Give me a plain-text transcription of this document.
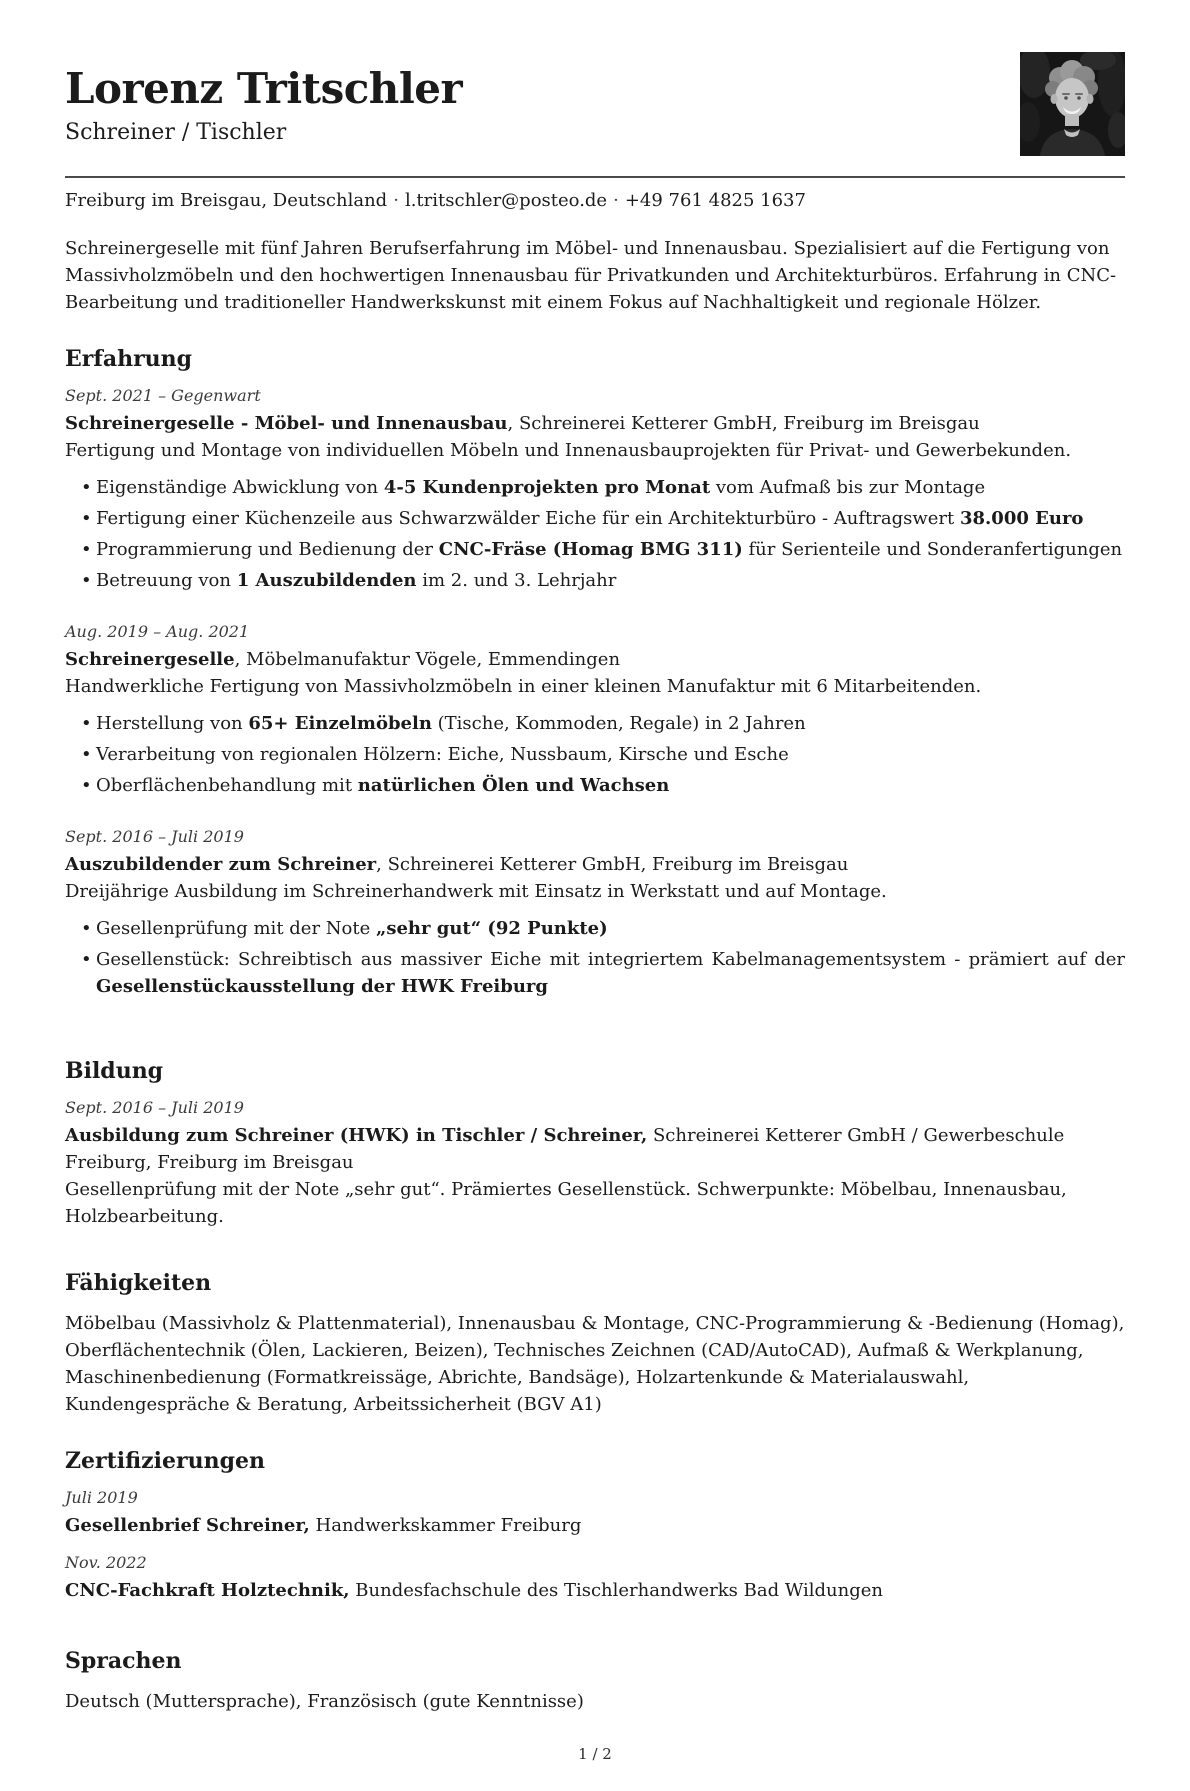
Lorenz Tritschler
Schreiner / Tischler
Freiburg im Breisgau, Deutschland · l.tritschler@posteo.de · +49 761 4825 1637

Schreinergeselle mit fünf Jahren Berufserfahrung im Möbel- und Innenausbau. Spezialisiert auf die Fertigung von Massivholzmöbeln und den hochwertigen Innenausbau für Privatkunden und Architekturbüros. Erfahrung in CNC-Bearbeitung und traditioneller Handwerkskunst mit einem Fokus auf Nachhaltigkeit und regionale Hölzer.

Erfahrung
Sept. 2021 – Gegenwart
Schreinergeselle - Möbel- und Innenausbau, Schreinerei Ketterer GmbH, Freiburg im Breisgau
Fertigung und Montage von individuellen Möbeln und Innenausbauprojekten für Privat- und Gewerbekunden.
• Eigenständige Abwicklung von 4-5 Kundenprojekten pro Monat vom Aufmaß bis zur Montage
• Fertigung einer Küchenzeile aus Schwarzwälder Eiche für ein Architekturbüro - Auftragswert 38.000 Euro
• Programmierung und Bedienung der CNC-Fräse (Homag BMG 311) für Serienteile und Sonderanfertigungen
• Betreuung von 1 Auszubildenden im 2. und 3. Lehrjahr
Aug. 2019 – Aug. 2021
Schreinergeselle, Möbelmanufaktur Vögele, Emmendingen
Handwerkliche Fertigung von Massivholzmöbeln in einer kleinen Manufaktur mit 6 Mitarbeitenden.
• Herstellung von 65+ Einzelmöbeln (Tische, Kommoden, Regale) in 2 Jahren
• Verarbeitung von regionalen Hölzern: Eiche, Nussbaum, Kirsche und Esche
• Oberflächenbehandlung mit natürlichen Ölen und Wachsen
Sept. 2016 – Juli 2019
Auszubildender zum Schreiner, Schreinerei Ketterer GmbH, Freiburg im Breisgau
Dreijährige Ausbildung im Schreinerhandwerk mit Einsatz in Werkstatt und auf Montage.
• Gesellenprüfung mit der Note „sehr gut“ (92 Punkte)
• Gesellenstück: Schreibtisch aus massiver Eiche mit integriertem Kabelmanagementsystem - prämiert auf der Gesellenstückausstellung der HWK Freiburg
Bildung
Sept. 2016 – Juli 2019
Ausbildung zum Schreiner (HWK) in Tischler / Schreiner, Schreinerei Ketterer GmbH / Gewerbeschule Freiburg, Freiburg im Breisgau
Gesellenprüfung mit der Note „sehr gut“. Prämiertes Gesellenstück. Schwerpunkte: Möbelbau, Innenausbau, Holzbearbeitung.
Fähigkeiten

Möbelbau (Massivholz & Plattenmaterial), Innenausbau & Montage, CNC-Programmierung & -Bedienung (Homag), Oberflächentechnik (Ölen, Lackieren, Beizen), Technisches Zeichnen (CAD/AutoCAD), Aufmaß & Werkplanung, Maschinenbedienung (Formatkreissäge, Abrichte, Bandsäge), Holzartenkunde & Materialauswahl, Kundengespräche & Beratung, Arbeitssicherheit (BGV A1)

Zertifizierungen
Juli 2019
Gesellenbrief Schreiner, Handwerkskammer Freiburg
Nov. 2022
CNC-Fachkraft Holztechnik, Bundesfachschule des Tischlerhandwerks Bad Wildungen
Sprachen

Deutsch (Muttersprache), Französisch (gute Kenntnisse)

1 / 2
